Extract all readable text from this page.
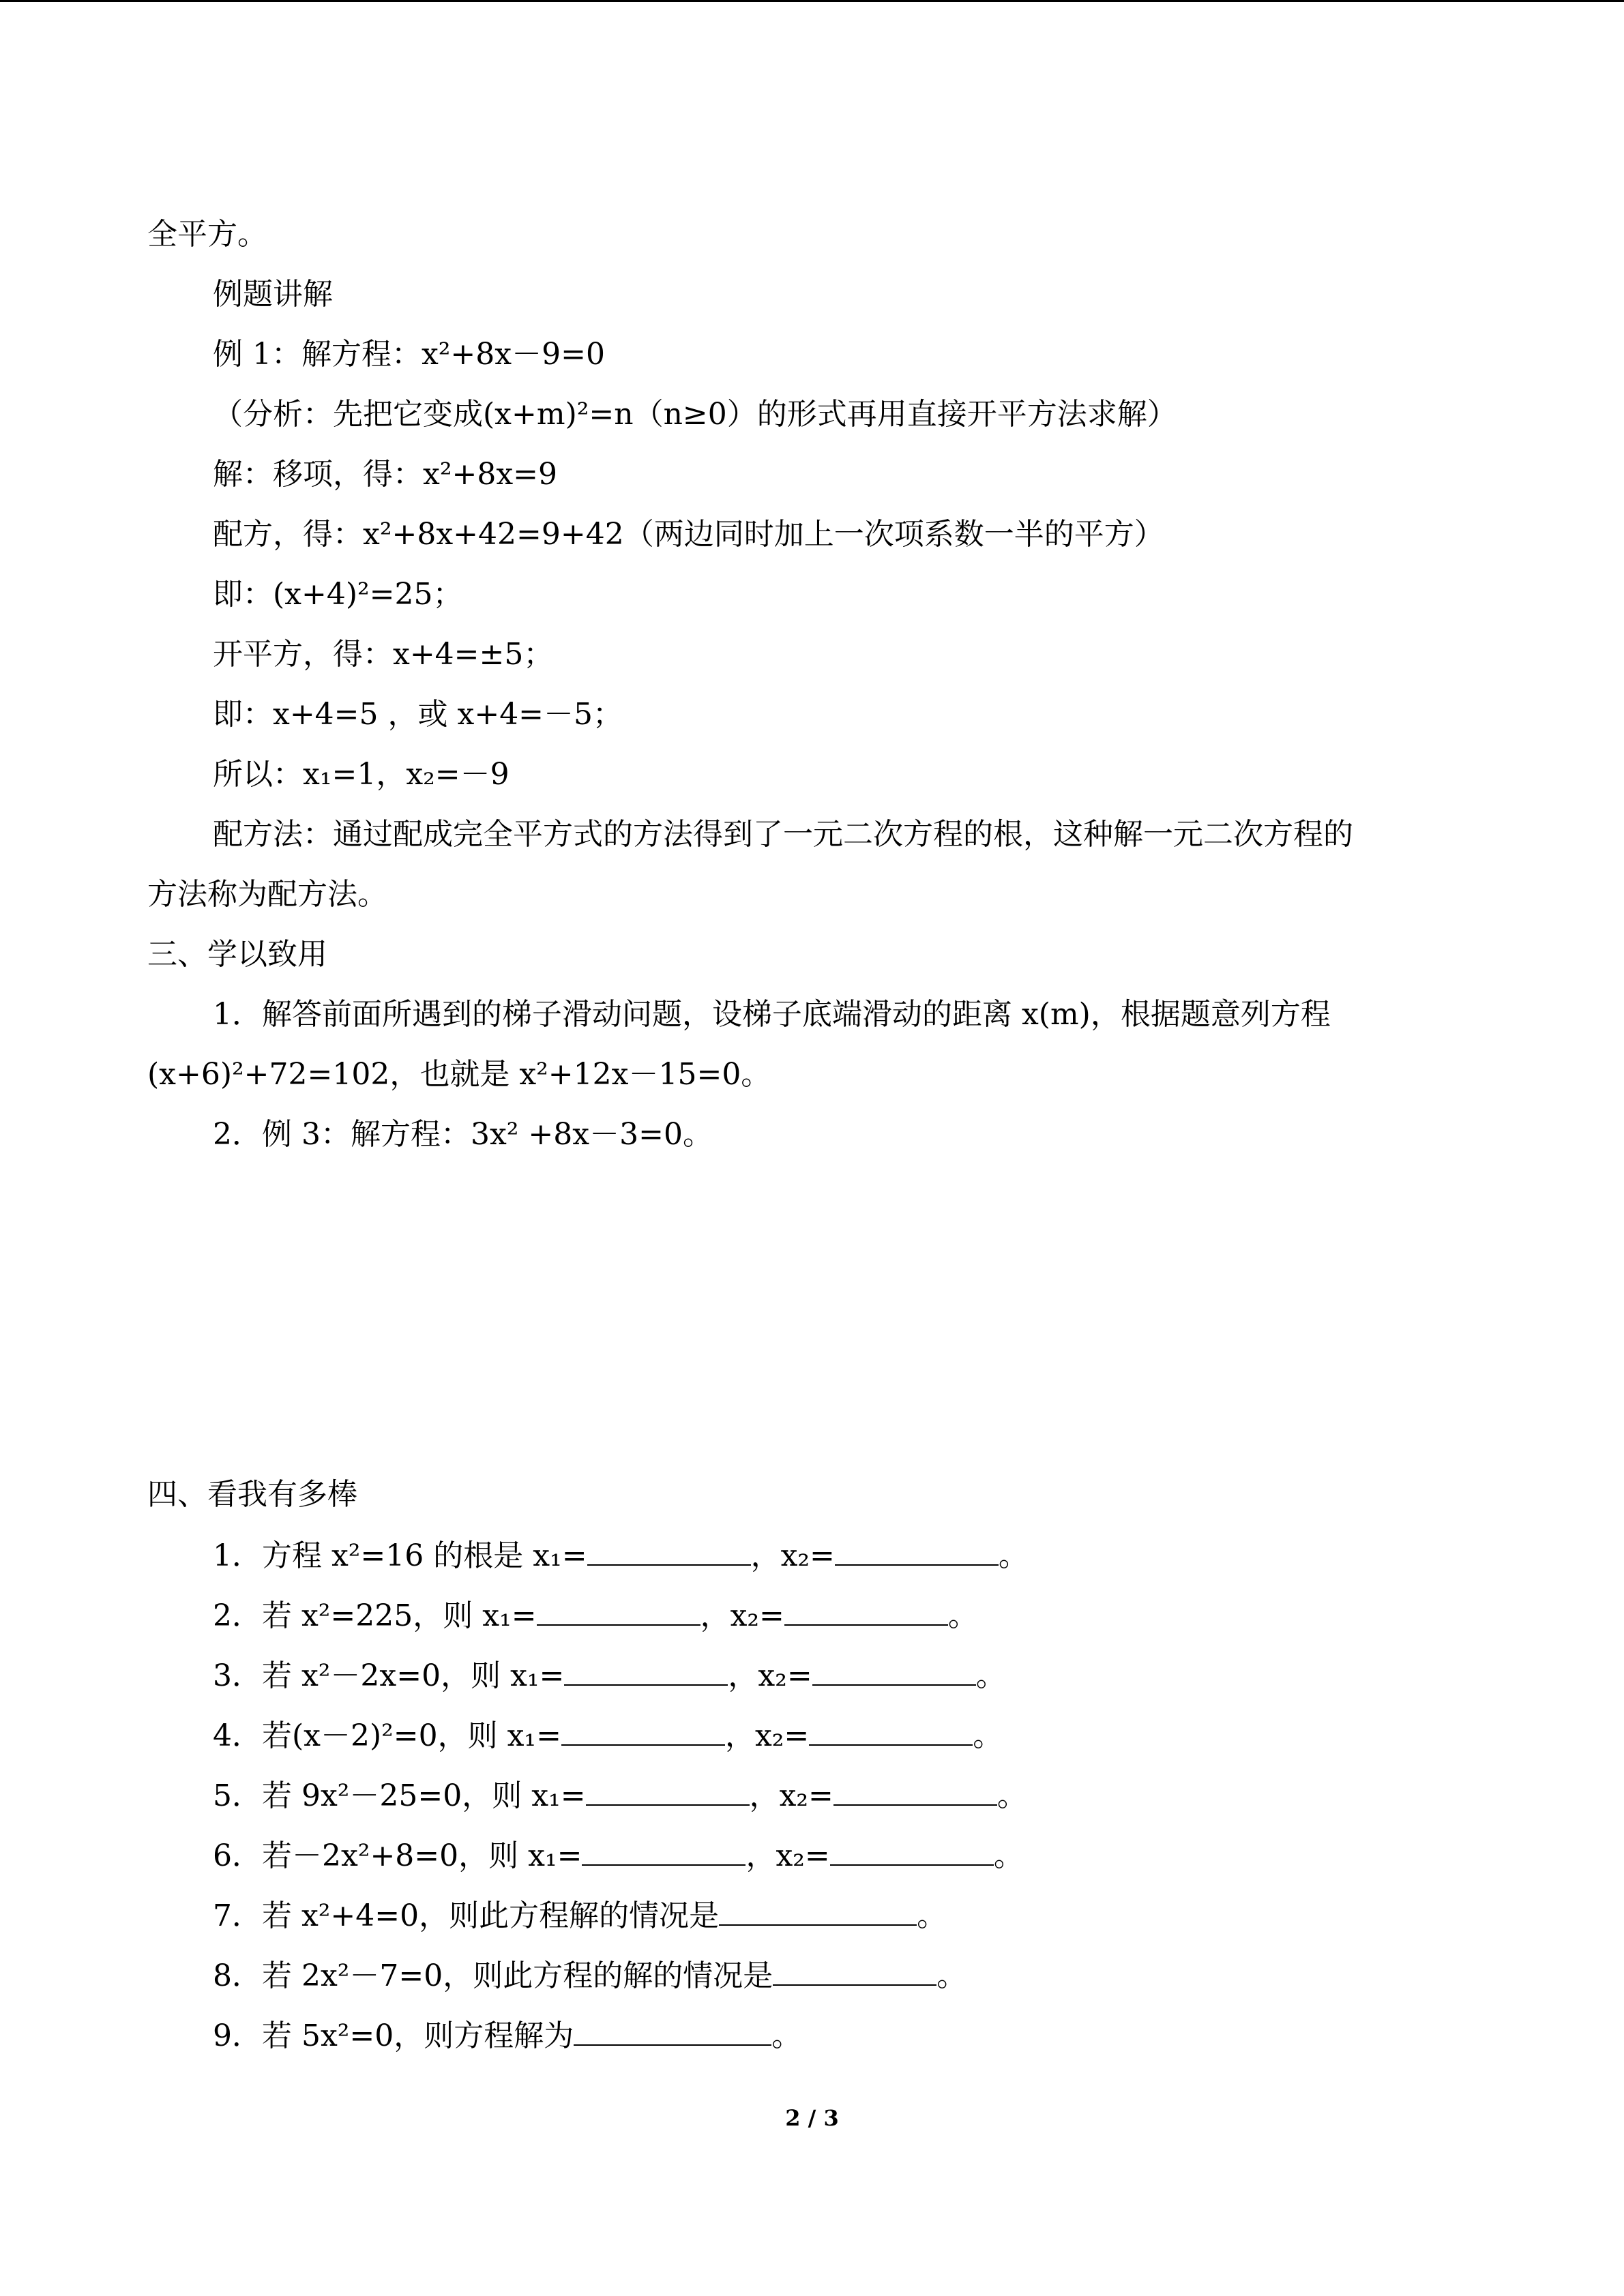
全平方。
例题讲解
例 1：解方程：x²+8x－9=0
（分析：先把它变成(x+m)²=n（n≥0）的形式再用直接开平方法求解）
解：移项，得：x²+8x=9
配方，得：x²+8x+42=9+42（两边同时加上一次项系数一半的平方）
即：(x+4)²=25；
开平方，得：x+4=±5；
即：x+4=5 ，或 x+4=－5；
所以：x₁=1，x₂=－9
配方法：通过配成完全平方式的方法得到了一元二次方程的根，这种解一元二次方程的
方法称为配方法。
三、学以致用
1．解答前面所遇到的梯子滑动问题，设梯子底端滑动的距离 x(m)，根据题意列方程
(x+6)²+72=102，也就是 x²+12x－15=0。
2．例 3：解方程：3x² +8x－3=0。
四、看我有多棒
1．方程 x²=16 的根是 x₁=	，x₂=	。
2．若 x²=225，则 x₁=	，x₂=	。
3．若 x²－2x=0，则 x₁=	，x₂=	。
4．若(x－2)²=0，则 x₁=	，x₂=	。
5．若 9x²－25=0，则 x₁=	，x₂=	。
6．若－2x²+8=0，则 x₁=	，x₂=	。
7．若 x²+4=0，则此方程解的情况是	。
8．若 2x²－7=0，则此方程的解的情况是	。
9．若 5x²=0，则方程解为	。
2 / 3
